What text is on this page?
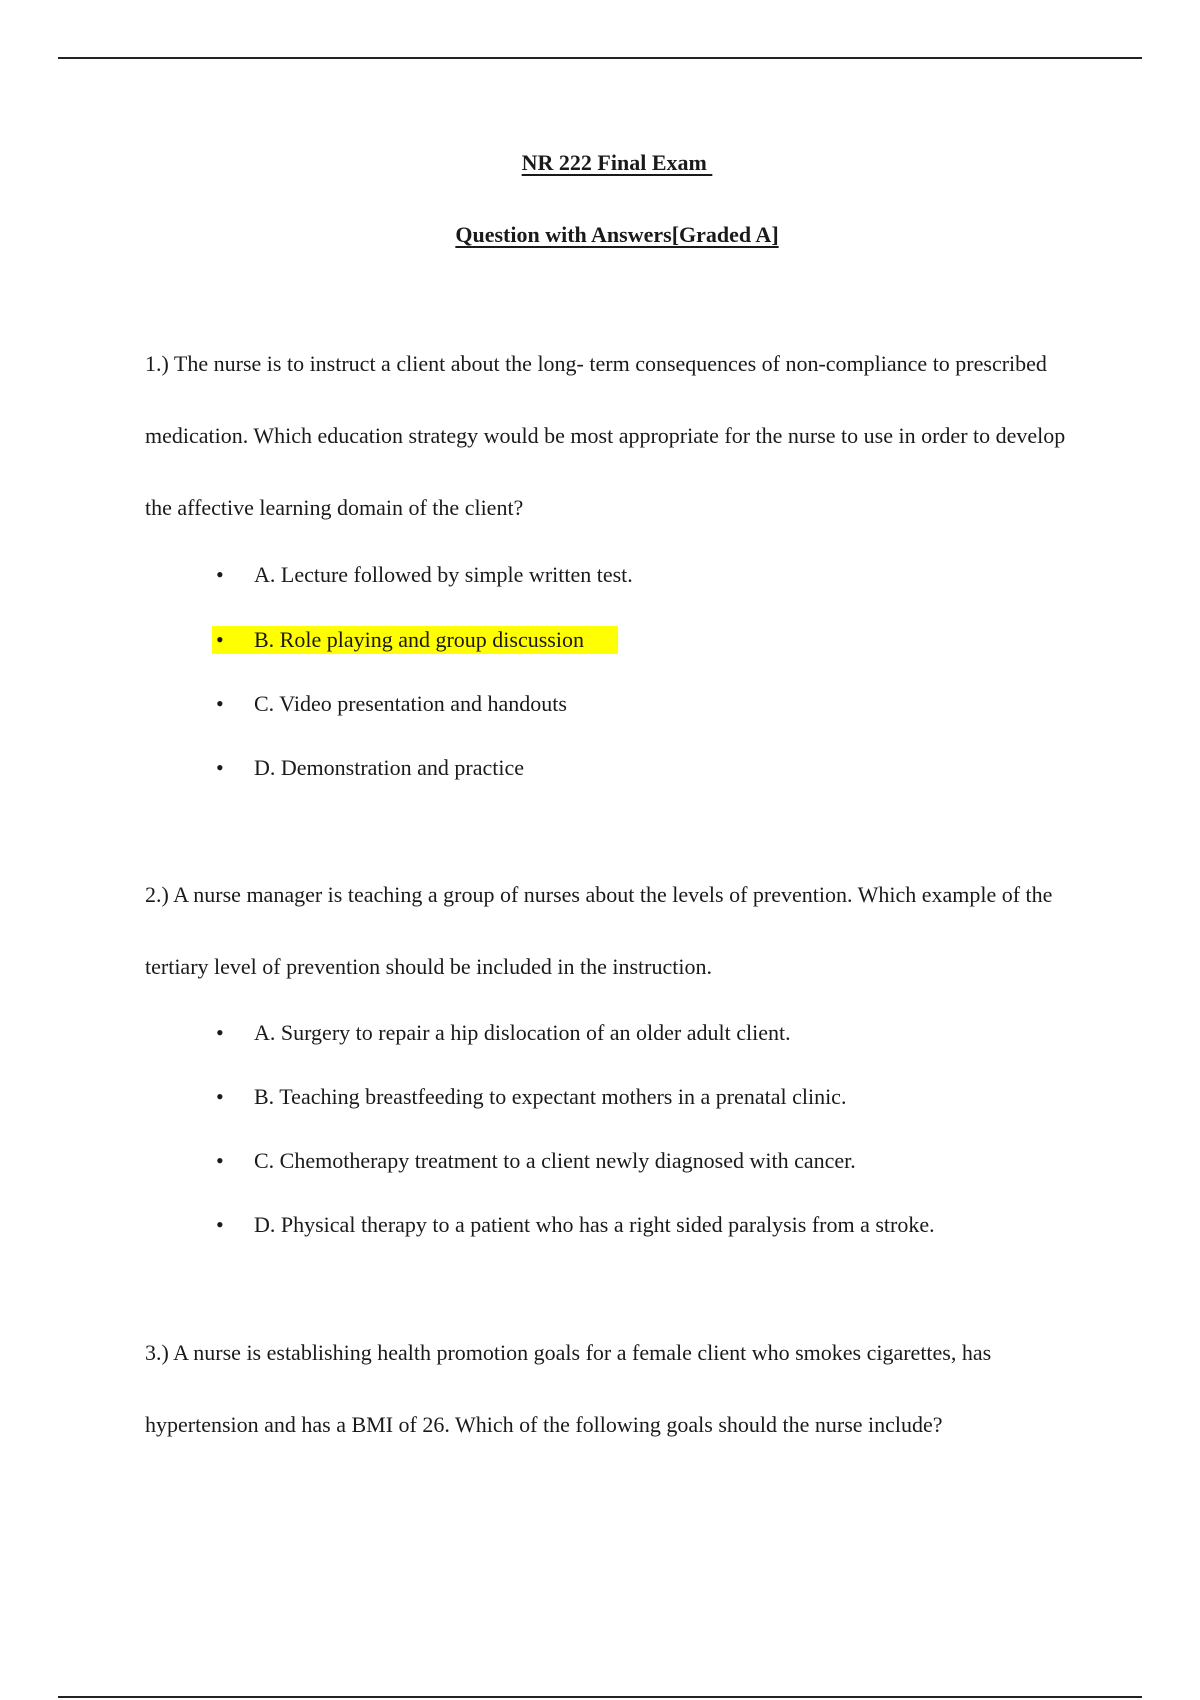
NR 222 Final Exam
Question with Answers[Graded A]

1.) The nurse is to instruct a client about the long- term consequences of non-compliance to prescribed medication. Which education strategy would be most appropriate for the nurse to use in order to develop the affective learning domain of the client?

• A. Lecture followed by simple written test.
• B. Role playing and group discussion
• C. Video presentation and handouts
• D. Demonstration and practice

2.) A nurse manager is teaching a group of nurses about the levels of prevention. Which example of the tertiary level of prevention should be included in the instruction.

• A. Surgery to repair a hip dislocation of an older adult client.
• B. Teaching breastfeeding to expectant mothers in a prenatal clinic.
• C. Chemotherapy treatment to a client newly diagnosed with cancer.
• D. Physical therapy to a patient who has a right sided paralysis from a stroke.

3.) A nurse is establishing health promotion goals for a female client who smokes cigarettes, has hypertension and has a BMI of 26. Which of the following goals should the nurse include?
